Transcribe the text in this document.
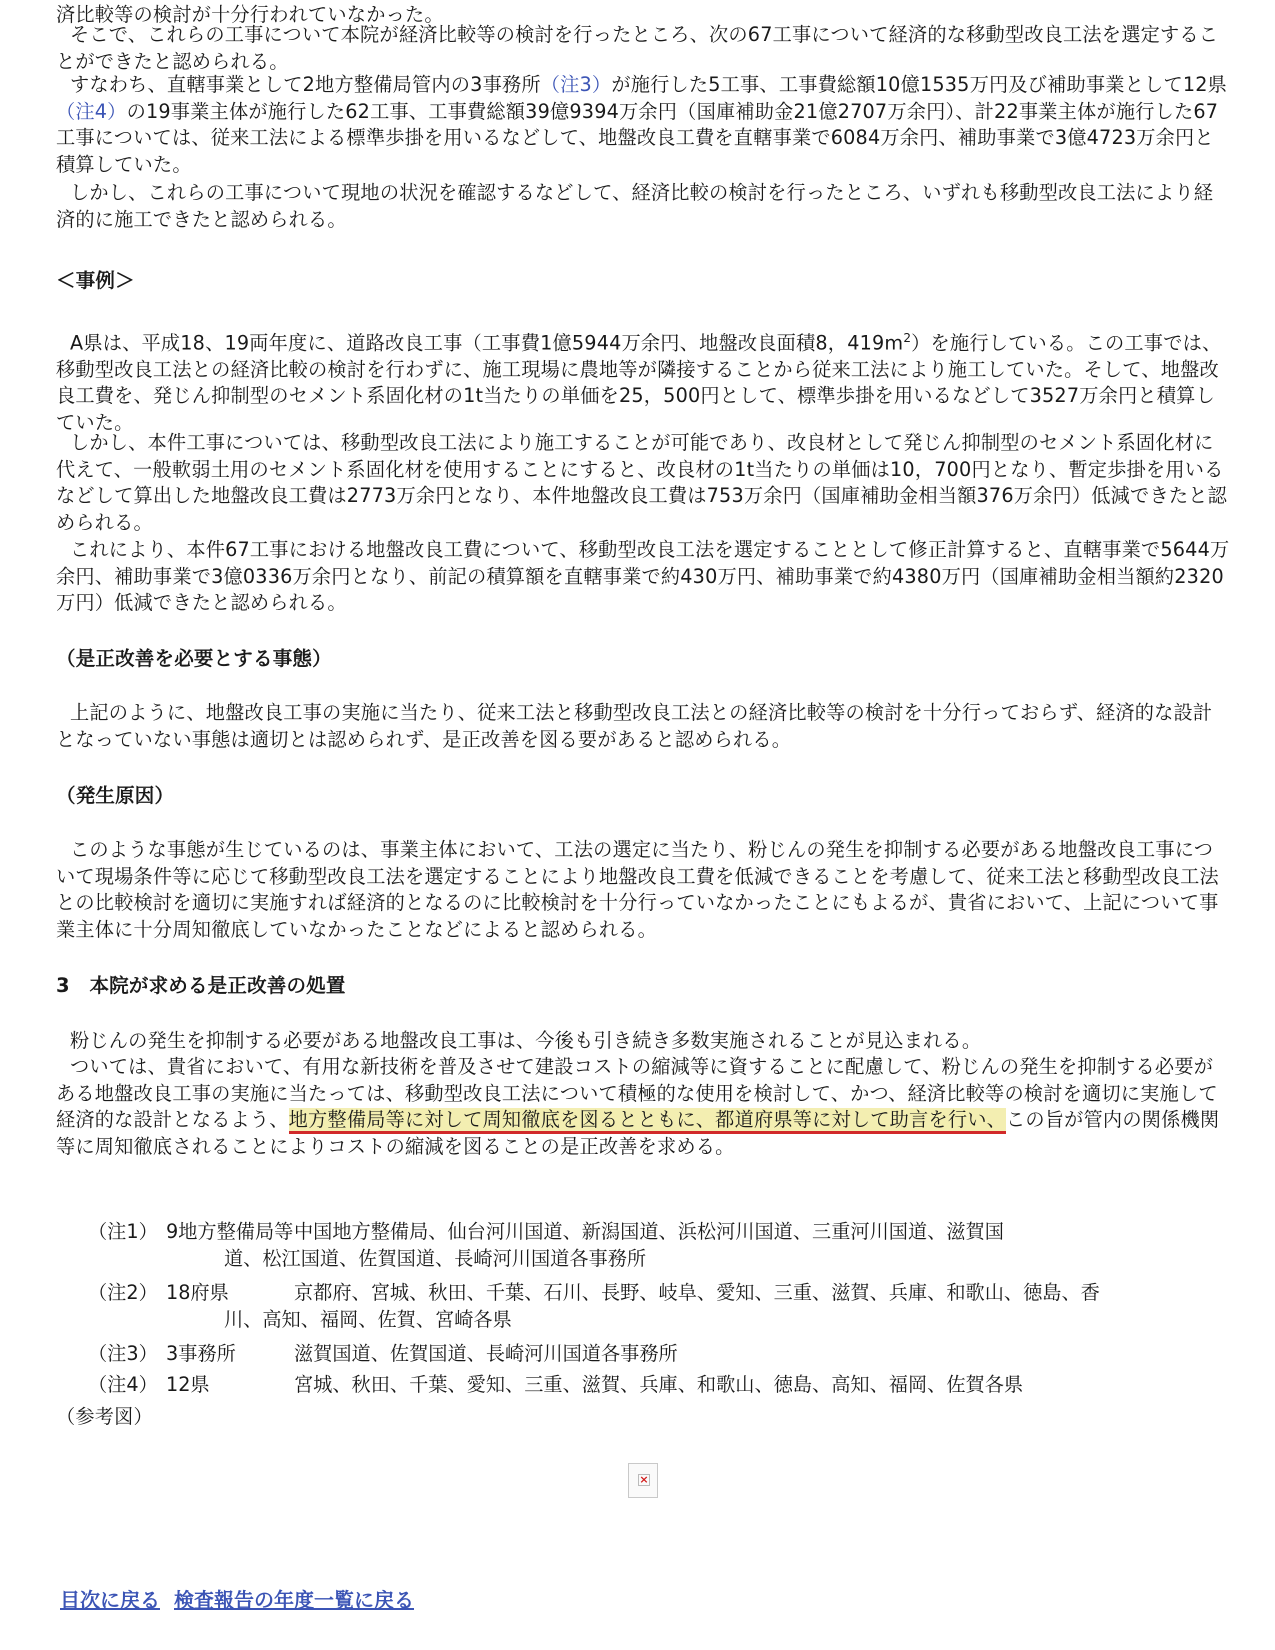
済比較等の検討が十分行われていなかった。

そこで、これらの工事について本院が経済比較等の検討を行ったところ、次の67工事について経済的な移動型改良工法を選定することができたと認められる。

すなわち、直轄事業として2地方整備局管内の3事務所（注3）が施行した5工事、工事費総額10億1535万円及び補助事業として12県（注4）の19事業主体が施行した62工事、工事費総額39億9394万余円（国庫補助金21億2707万余円）、計22事業主体が施行した67工事については、従来工法による標準歩掛を用いるなどして、地盤改良工費を直轄事業で6084万余円、補助事業で3億4723万余円と積算していた。

しかし、これらの工事について現地の状況を確認するなどして、経済比較の検討を行ったところ、いずれも移動型改良工法により経済的に施工できたと認められる。

＜事例＞

A県は、平成18、19両年度に、道路改良工事（工事費1億5944万余円、地盤改良面積8，$419m^2$）を施行している。この工事では、移動型改良工法との経済比較の検討を行わずに、施工現場に農地等が隣接することから従来工法により施工していた。そして、地盤改良工費を、発じん抑制型のセメント系固化材の1t当たりの単価を25，500円として、標準歩掛を用いるなどして3527万余円と積算していた。

しかし、本件工事については、移動型改良工法により施工することが可能であり、改良材として発じん抑制型のセメント系固化材に代えて、一般軟弱土用のセメント系固化材を使用することにすると、改良材の1t当たりの単価は10，700円となり、暫定歩掛を用いるなどして算出した地盤改良工費は2773万余円となり、本件地盤改良工費は753万余円（国庫補助金相当額376万余円）低減できたと認められる。

これにより、本件67工事における地盤改良工費について、移動型改良工法を選定することとして修正計算すると、直轄事業で5644万余円、補助事業で3億0336万余円となり、前記の積算額を直轄事業で約430万円、補助事業で約4380万円（国庫補助金相当額約2320万円）低減できたと認められる。

（是正改善を必要とする事態）

上記のように、地盤改良工事の実施に当たり、従来工法と移動型改良工法との経済比較等の検討を十分行っておらず、経済的な設計となっていない事態は適切とは認められず、是正改善を図る要があると認められる。

（発生原因）

このような事態が生じているのは、事業主体において、工法の選定に当たり、粉じんの発生を抑制する必要がある地盤改良工事について現場条件等に応じて移動型改良工法を選定することにより地盤改良工費を低減できることを考慮して、従来工法と移動型改良工法との比較検討を適切に実施すれば経済的となるのに比較検討を十分行っていなかったことにもよるが、貴省において、上記について事業主体に十分周知徹底していなかったことなどによると認められる。

3　本院が求める是正改善の処置

粉じんの発生を抑制する必要がある地盤改良工事は、今後も引き続き多数実施されることが見込まれる。

ついては、貴省において、有用な新技術を普及させて建設コストの縮減等に資することに配慮して、粉じんの発生を抑制する必要がある地盤改良工事の実施に当たっては、移動型改良工法について積極的な使用を検討して、かつ、経済比較等の検討を適切に実施して経済的な設計となるよう、地方整備局等に対して周知徹底を図るとともに、都道府県等に対して助言を行い、この旨が管内の関係機関等に周知徹底されることによりコストの縮減を図ることの是正改善を求める。

（注1） 9地方整備局等中国地方整備局、仙台河川国道、新潟国道、浜松河川国道、三重河川国道、滋賀国
道、松江国道、佐賀国道、長崎河川国道各事務所
（注2） 18府県	京都府、宮城、秋田、千葉、石川、長野、岐阜、愛知、三重、滋賀、兵庫、和歌山、徳島、香
川、高知、福岡、佐賀、宮崎各県
（注3） 3事務所	滋賀国道、佐賀国道、長崎河川国道各事務所
（注4） 12県	宮城、秋田、千葉、愛知、三重、滋賀、兵庫、和歌山、徳島、高知、福岡、佐賀各県

（参考図）

×
目次に戻る 検査報告の年度一覧に戻る
